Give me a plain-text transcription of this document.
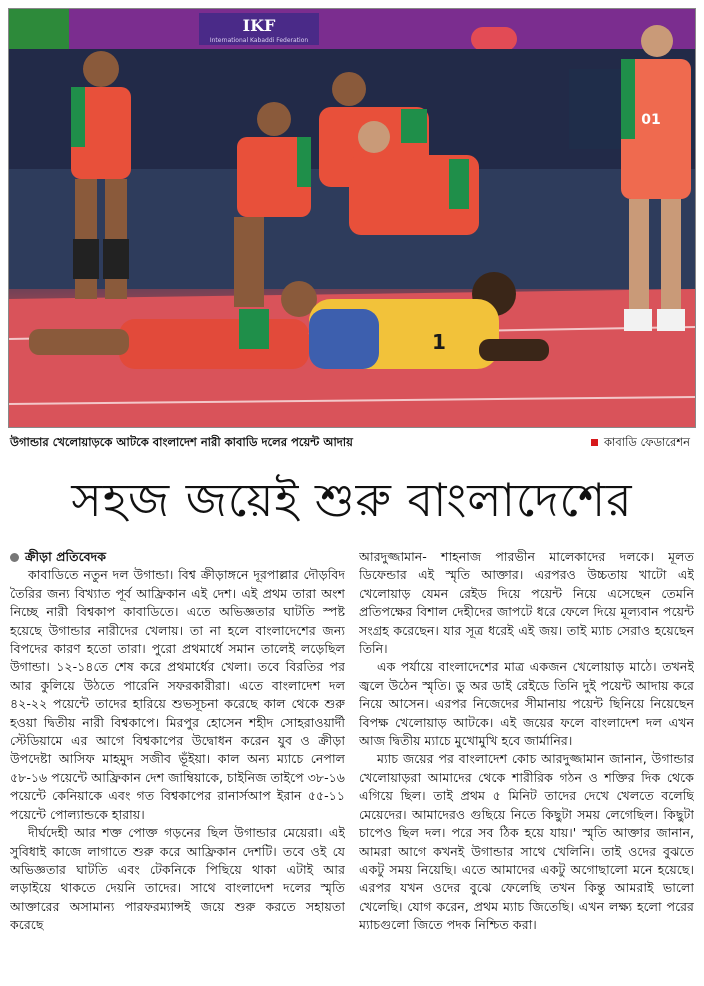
IKF
International Kabaddi Federation
01
1
উগান্ডার খেলোয়াড়কে আটকে বাংলাদেশ নারী কাবাডি দলের পয়েন্ট আদায়	কাবাডি ফেডারেশন
সহজ জয়েই শুরু বাংলাদেশের

ক্রীড়া প্রতিবেদক

কাবাডিতে নতুন দল উগান্ডা। বিশ্ব ক্রীড়াঙ্গনে দূরপাল্লার দৌড়বিদ তৈরির জন্য বিখ্যাত পূর্ব আফ্রিকান এই দেশ। এই প্রথম তারা অংশ নিচ্ছে নারী বিশ্বকাপ কাবাডিতে। এতে অভিজ্ঞতার ঘাটতি স্পষ্ট হয়েছে উগান্ডার নারীদের খেলায়। তা না হলে বাংলাদেশের জন্য বিপদের কারণ হতো তারা। পুরো প্রথমার্ধে সমান তালেই লড়েছিল উগান্ডা। ১২-১৪তে শেষ করে প্রথমার্ধের খেলা। তবে বিরতির পর আর কুলিয়ে উঠতে পারেনি সফরকারীরা। এতে বাংলাদেশ দল ৪২-২২ পয়েন্টে তাদের হারিয়ে শুভসূচনা করেছে কাল থেকে শুরু হওয়া দ্বিতীয় নারী বিশ্বকাপে। মিরপুর হোসেন শহীদ সোহরাওয়ার্দী স্টেডিয়ামে এর আগে বিশ্বকাপের উদ্বোধন করেন যুব ও ক্রীড়া উপদেষ্টা আসিফ মাহমুদ সজীব ভূঁইয়া। কাল অন্য ম্যাচে নেপাল ৫৮-১৬ পয়েন্টে আফ্রিকান দেশ জাম্বিয়াকে, চাইনিজ তাইপে ৩৮-১৬ পয়েন্টে কেনিয়াকে এবং গত বিশ্বকাপের রানার্সআপ ইরান ৫৫-১১ পয়েন্টে পোল্যান্ডকে হারায়।

দীর্ঘদেহী আর শক্ত পোক্ত গড়নের ছিল উগান্ডার মেয়েরা। এই সুবিধাই কাজে লাগাতে শুরু করে আফ্রিকান দেশটি। তবে ওই যে অভিজ্ঞতার ঘাটতি এবং টেকনিকে পিছিয়ে থাকা এটাই আর লড়াইয়ে থাকতে দেয়নি তাদের। সাথে বাংলাদেশ দলের স্মৃতি আক্তারের অসামান্য পারফরম্যান্সই জয়ে শুরু করতে সহায়তা করেছে

আরদুজ্জামান- শাহনাজ পারভীন মালেকাদের দলকে। মূলত ডিফেন্ডার এই স্মৃতি আক্তার। এরপরও উচ্চতায় খাটো এই খেলোয়াড় যেমন রেইড দিয়ে পয়েন্ট নিয়ে এসেছেন তেমনি প্রতিপক্ষের বিশাল দেহীদের জাপটে ধরে ফেলে দিয়ে মূল্যবান পয়েন্ট সংগ্রহ করেছেন। যার সূত্র ধরেই এই জয়। তাই ম্যাচ সেরাও হয়েছেন তিনি।

এক পর্যায়ে বাংলাদেশের মাত্র একজন খেলোয়াড় মাঠে। তখনই জ্বলে উঠেন স্মৃতি। ডু অর ডাই রেইডে তিনি দুই পয়েন্ট আদায় করে নিয়ে আসেন। এরপর নিজেদের সীমানায় পয়েন্ট ছিনিয়ে নিয়েছেন বিপক্ষ খেলোয়াড় আটকে। এই জয়ের ফলে বাংলাদেশ দল এখন আজ দ্বিতীয় ম্যাচে মুখোমুখি হবে জার্মানির।

ম্যাচ জয়ের পর বাংলাদেশ কোচ আরদুজ্জামান জানান, উগান্ডার খেলোয়াড়রা আমাদের থেকে শারীরিক গঠন ও শক্তির দিক থেকে এগিয়ে ছিল। তাই প্রথম ৫ মিনিট তাদের দেখে খেলতে বলেছি মেয়েদের। আমাদেরও গুছিয়ে নিতে কিছুটা সময় লেগেছিল। কিছুটা চাপেও ছিল দল। পরে সব ঠিক হয়ে যায়।' স্মৃতি আক্তার জানান, আমরা আগে কখনই উগান্ডার সাথে খেলিনি। তাই ওদের বুঝতে একটু সময় নিয়েছি। এতে আমাদের একটু অগোছালো মনে হয়েছে। এরপর যখন ওদের বুঝে ফেলেছি তখন কিন্তু আমরাই ভালো খেলেছি। যোগ করেন, প্রথম ম্যাচ জিতেছি। এখন লক্ষ্য হলো পরের ম্যাচগুলো জিতে পদক নিশ্চিত করা।
